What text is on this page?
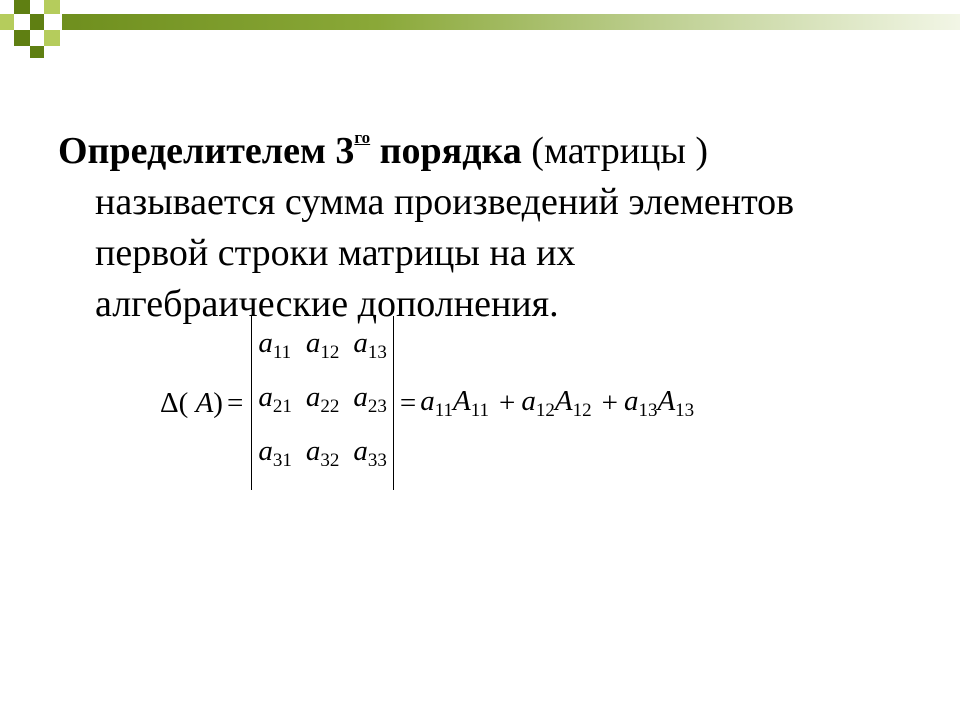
Определителем $3^{го}$ порядка (матрицы )
называется сумма произведений элементов
первой строки матрицы на их
алгебраические дополнения.
Δ (
A ) =
$a_{11}$	$a_{12}$	$a_{13}$
$a_{21}$	$a_{22}$	$a_{23}$
$a_{31}$	$a_{32}$	$a_{33}$
= $a_{11}A_{11} + a_{12}A_{12} + a_{13}A_{13}$
